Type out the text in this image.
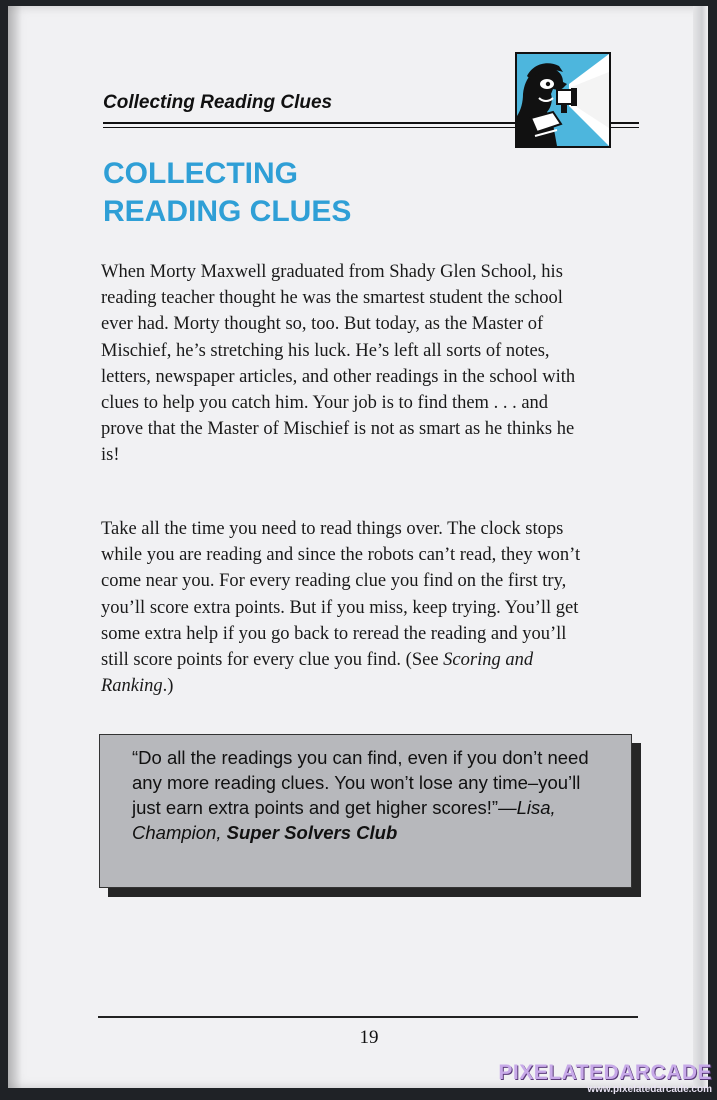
Collecting Reading Clues
COLLECTING
READING CLUES

When Morty Maxwell graduated from Shady Glen School, his reading teacher thought he was the smartest student the school ever had. Morty thought so, too. But today, as the Master of Mischief, he’s stretching his luck. He’s left all sorts of notes, letters, newspaper articles, and other readings in the school with clues to help you catch him. Your job is to find them . . . and prove that the Master of Mischief is not as smart as he thinks he is!

Take all the time you need to read things over. The clock stops while you are reading and since the robots can’t read, they won’t come near you. For every reading clue you find on the first try, you’ll score extra points. But if you miss, keep trying. You’ll get some extra help if you go back to reread the reading and you’ll still score points for every clue you find. (See Scoring and Ranking.)

“Do all the readings you can find, even if you don’t need any more reading clues. You won’t lose any time–you’ll just earn extra points and get higher scores!”—Lisa, Champion, Super Solvers Club
19
PIXELATEDARCADE
www.pixelatedarcade.com
